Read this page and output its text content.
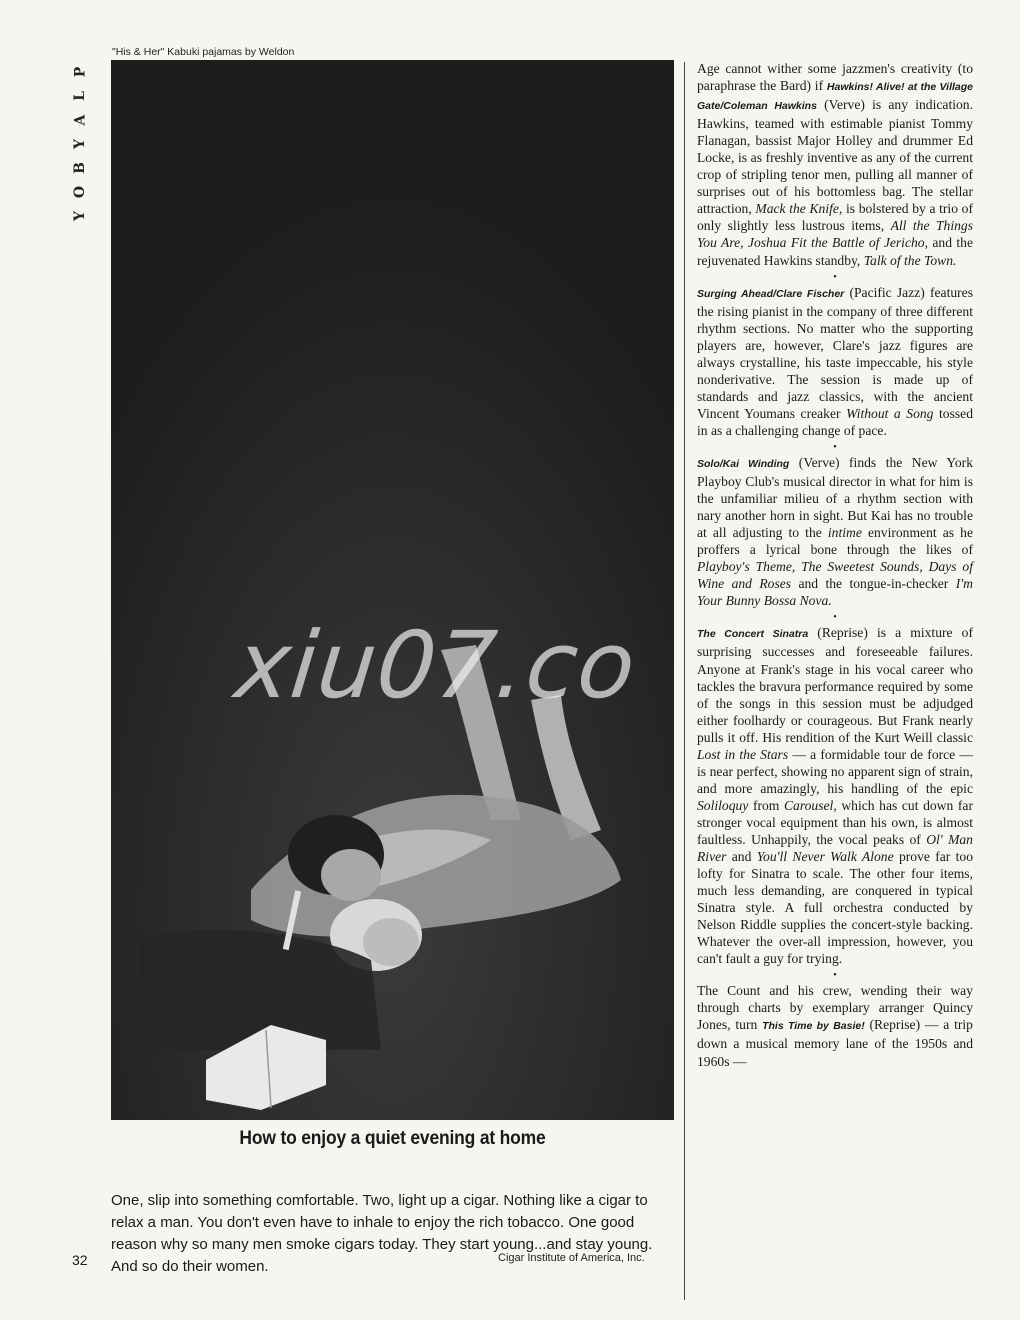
P
L
A
Y
B
O
Y
"His & Her" Kabuki pajamas by Weldon
How to enjoy a quiet evening at home

One, slip into something comfortable. Two, light up a cigar. Nothing like a cigar to relax a man. You don't even have to inhale to enjoy the rich tobacco. One good reason why so many men smoke cigars today. They start young...and stay young. And so do their women.	Cigar Institute of America, Inc.
32

Age cannot wither some jazzmen's creativity (to paraphrase the Bard) if Hawkins! Alive! at the Village Gate/Coleman Hawkins (Verve) is any indication. Hawkins, teamed with estimable pianist Tommy Flanagan, bassist Major Holley and drummer Ed Locke, is as freshly inventive as any of the current crop of stripling tenor men, pulling all manner of surprises out of his bottomless bag. The stellar attraction, Mack the Knife, is bolstered by a trio of only slightly less lustrous items, All the Things You Are, Joshua Fit the Battle of Jericho, and the rejuvenated Hawkins standby, Talk of the Town.

•

Surging Ahead/Clare Fischer (Pacific Jazz) features the rising pianist in the company of three different rhythm sections. No matter who the supporting players are, however, Clare's jazz figures are always crystalline, his taste impeccable, his style nonderivative. The session is made up of standards and jazz classics, with the ancient Vincent Youmans creaker Without a Song tossed in as a challenging change of pace.

•

Solo/Kai Winding (Verve) finds the New York Playboy Club's musical director in what for him is the unfamiliar milieu of a rhythm section with nary another horn in sight. But Kai has no trouble at all adjusting to the intime environment as he proffers a lyrical bone through the likes of Playboy's Theme, The Sweetest Sounds, Days of Wine and Roses and the tongue-in-checker I'm Your Bunny Bossa Nova.

•

The Concert Sinatra (Reprise) is a mixture of surprising successes and foreseeable failures. Anyone at Frank's stage in his vocal career who tackles the bravura performance required by some of the songs in this session must be adjudged either foolhardy or courageous. But Frank nearly pulls it off. His rendition of the Kurt Weill classic Lost in the Stars — a formidable tour de force — is near perfect, showing no apparent sign of strain, and more amazingly, his handling of the epic Soliloquy from Carousel, which has cut down far stronger vocal equipment than his own, is almost faultless. Unhappily, the vocal peaks of Ol' Man River and You'll Never Walk Alone prove far too lofty for Sinatra to scale. The other four items, much less demanding, are conquered in typical Sinatra style. A full orchestra conducted by Nelson Riddle supplies the concert-style backing. Whatever the over-all impression, however, you can't fault a guy for trying.

•

The Count and his crew, wending their way through charts by exemplary arranger Quincy Jones, turn This Time by Basie! (Reprise) — a trip down a musical memory lane of the 1950s and 1960s —

xiu07.co
